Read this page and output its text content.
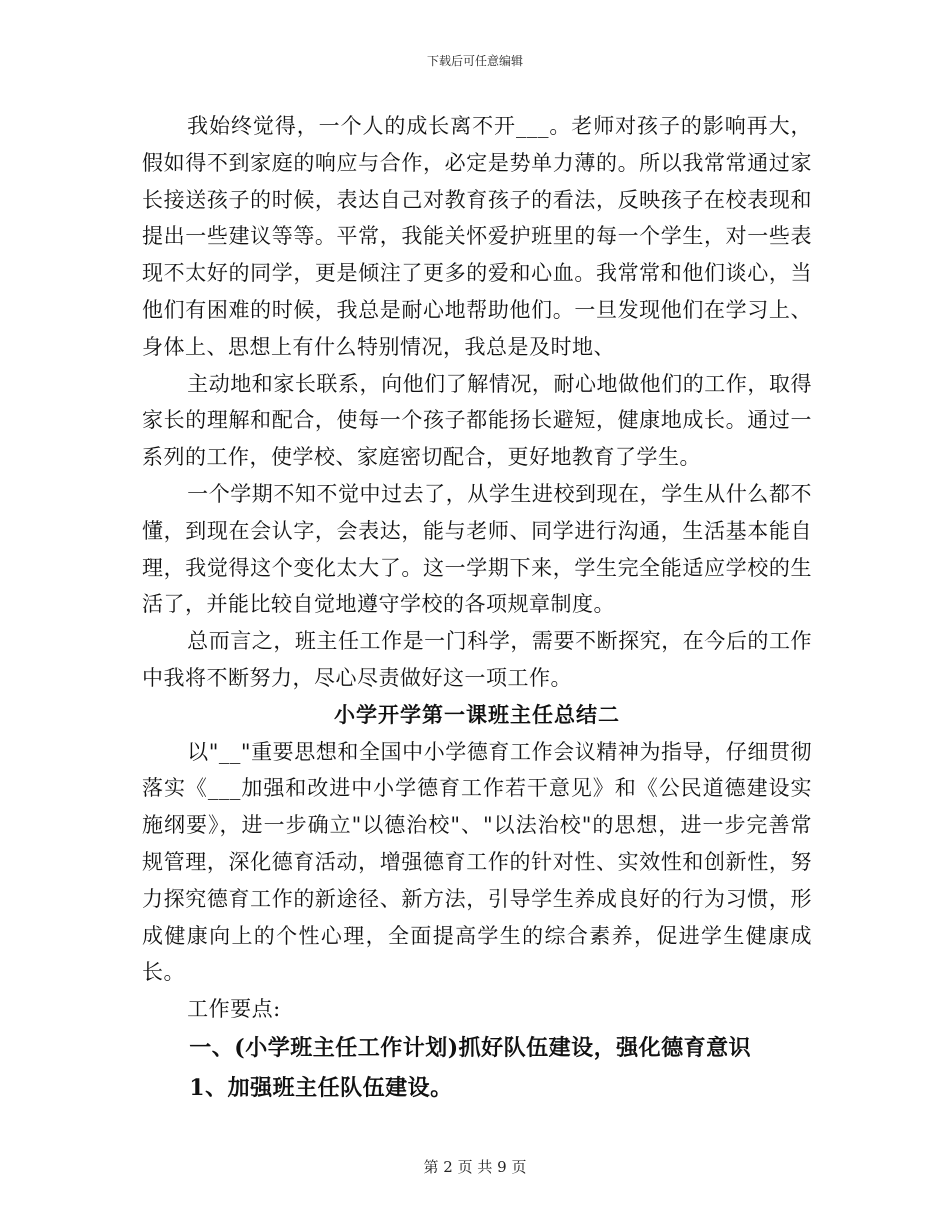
下载后可任意编辑

我始终觉得，一个人的成长离不开___。老师对孩子的影响再大，假如得不到家庭的响应与合作，必定是势单力薄的。所以我常常通过家长接送孩子的时候，表达自己对教育孩子的看法，反映孩子在校表现和提出一些建议等等。平常，我能关怀爱护班里的每一个学生，对一些表现不太好的同学，更是倾注了更多的爱和心血。我常常和他们谈心，当他们有困难的时候，我总是耐心地帮助他们。一旦发现他们在学习上、身体上、思想上有什么特别情况，我总是及时地、

主动地和家长联系，向他们了解情况，耐心地做他们的工作，取得家长的理解和配合，使每一个孩子都能扬长避短，健康地成长。通过一系列的工作，使学校、家庭密切配合，更好地教育了学生。

一个学期不知不觉中过去了，从学生进校到现在，学生从什么都不懂，到现在会认字，会表达，能与老师、同学进行沟通，生活基本能自理，我觉得这个变化太大了。这一学期下来，学生完全能适应学校的生活了，并能比较自觉地遵守学校的各项规章制度。

总而言之，班主任工作是一门科学，需要不断探究，在今后的工作中我将不断努力，尽心尽责做好这一项工作。

小学开学第一课班主任总结二

以"__"重要思想和全国中小学德育工作会议精神为指导，仔细贯彻落实《___加强和改进中小学德育工作若干意见》和《公民道德建设实施纲要》，进一步确立"以德治校"、"以法治校"的思想，进一步完善常规管理，深化德育活动，增强德育工作的针对性、实效性和创新性，努力探究德育工作的新途径、新方法，引导学生养成良好的行为习惯，形成健康向上的个性心理，全面提高学生的综合素养，促进学生健康成长。

工作要点:

一、(小学班主任工作计划)抓好队伍建设，强化德育意识

1、加强班主任队伍建设。

第 2 页 共 9 页
